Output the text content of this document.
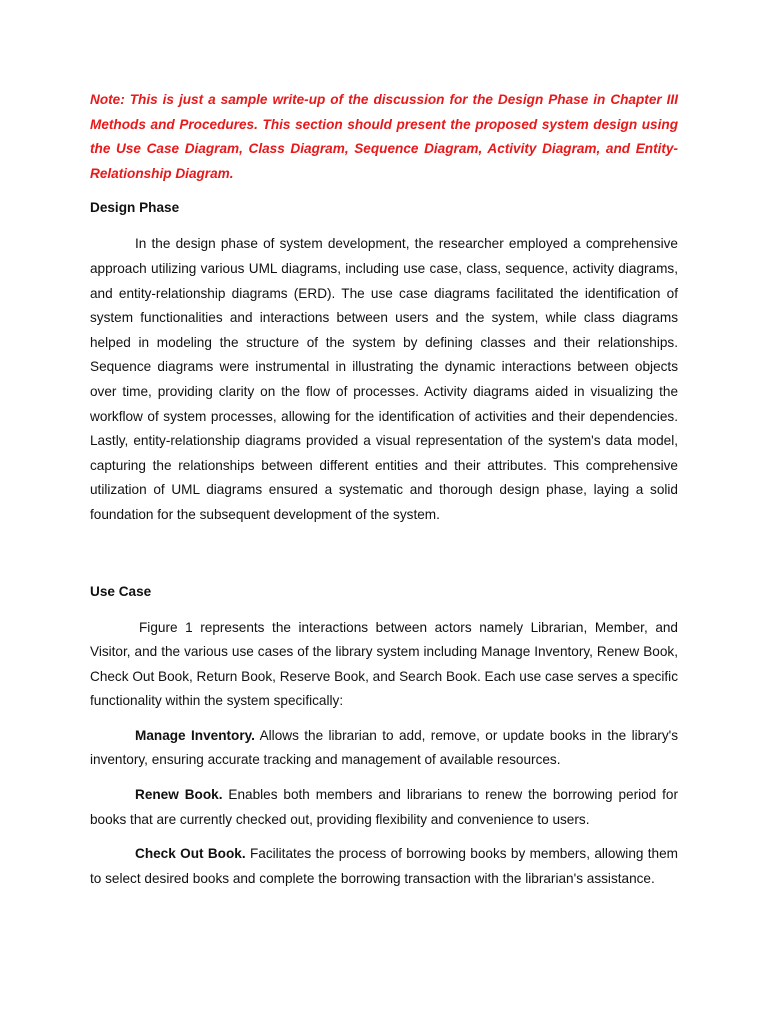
Note: This is just a sample write-up of the discussion for the Design Phase in Chapter III Methods and Procedures. This section should present the proposed system design using the Use Case Diagram, Class Diagram, Sequence Diagram, Activity Diagram, and Entity-Relationship Diagram.

Design Phase

In the design phase of system development, the researcher employed a comprehensive approach utilizing various UML diagrams, including use case, class, sequence, activity diagrams, and entity-relationship diagrams (ERD). The use case diagrams facilitated the identification of system functionalities and interactions between users and the system, while class diagrams helped in modeling the structure of the system by defining classes and their relationships. Sequence diagrams were instrumental in illustrating the dynamic interactions between objects over time, providing clarity on the flow of processes. Activity diagrams aided in visualizing the workflow of system processes, allowing for the identification of activities and their dependencies. Lastly, entity-relationship diagrams provided a visual representation of the system's data model, capturing the relationships between different entities and their attributes. This comprehensive utilization of UML diagrams ensured a systematic and thorough design phase, laying a solid foundation for the subsequent development of the system.

Use Case

Figure 1 represents the interactions between actors namely Librarian, Member, and Visitor, and the various use cases of the library system including Manage Inventory, Renew Book, Check Out Book, Return Book, Reserve Book, and Search Book. Each use case serves a specific functionality within the system specifically:

Manage Inventory. Allows the librarian to add, remove, or update books in the library's inventory, ensuring accurate tracking and management of available resources.

Renew Book. Enables both members and librarians to renew the borrowing period for books that are currently checked out, providing flexibility and convenience to users.

Check Out Book. Facilitates the process of borrowing books by members, allowing them to select desired books and complete the borrowing transaction with the librarian's assistance.
